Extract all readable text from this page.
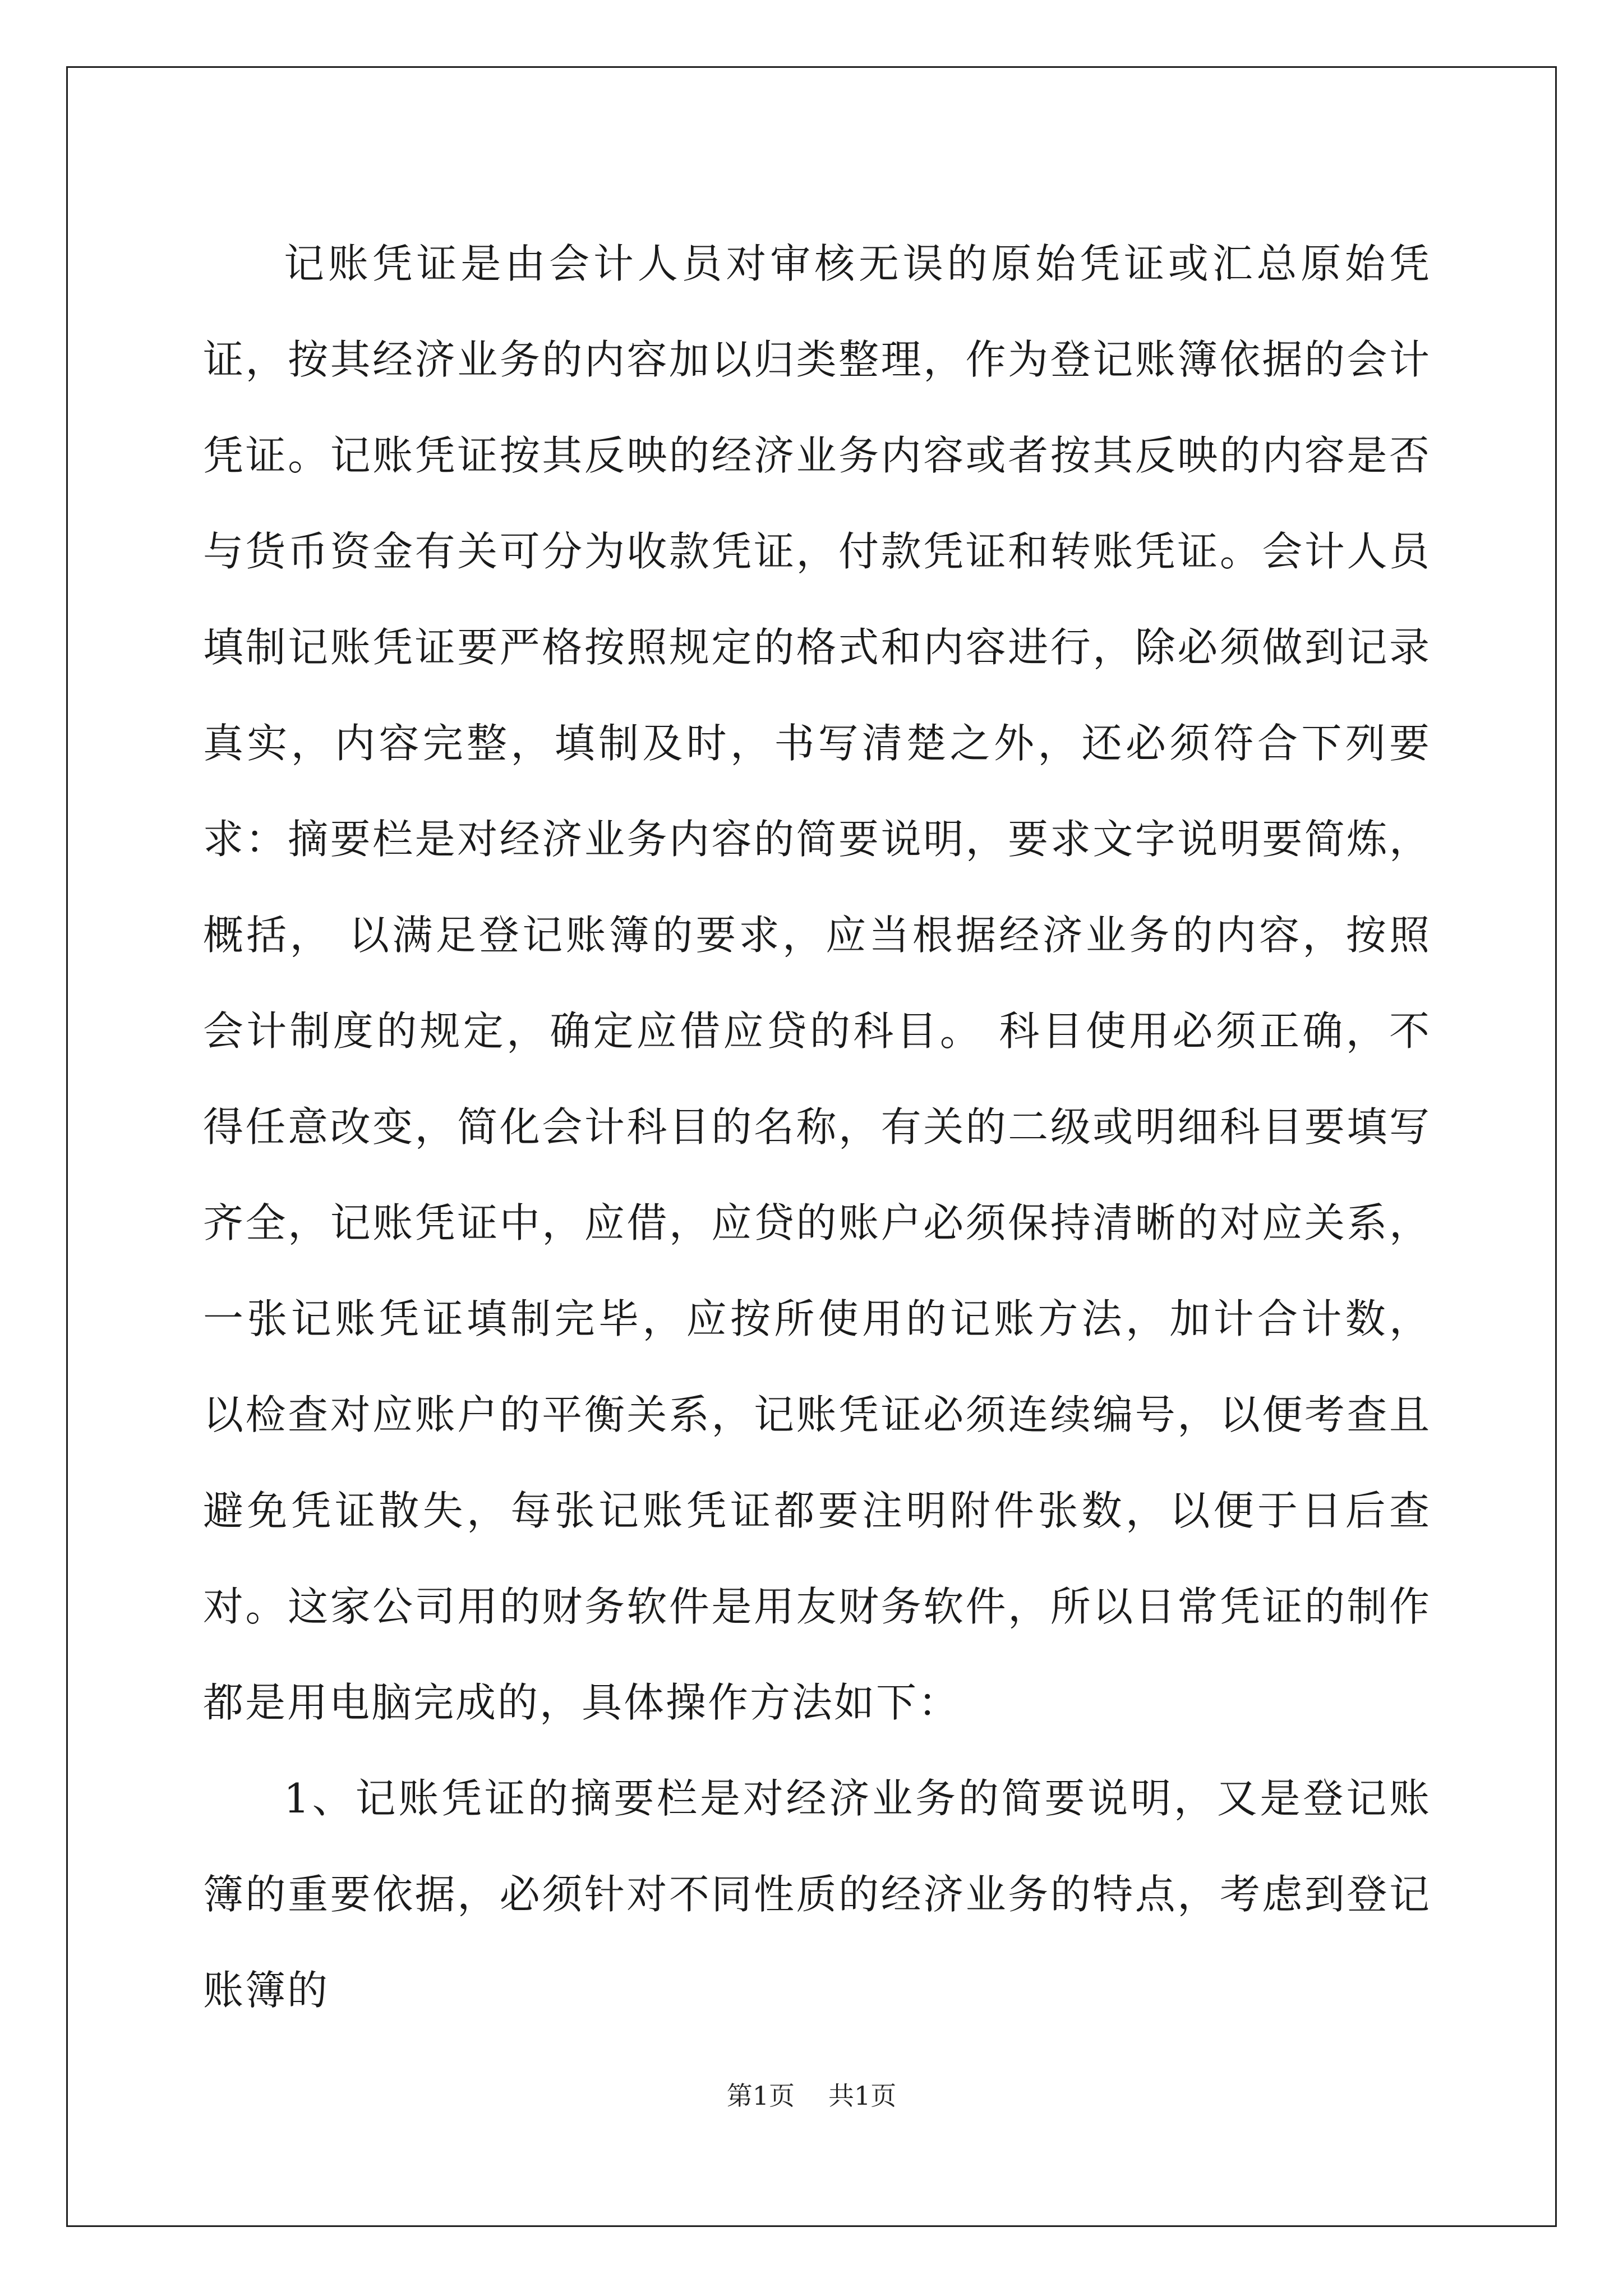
记账凭证是由会计人员对审核无误的原始凭证或汇总原始凭证，按其经济业务的内容加以归类整理，作为登记账簿依据的会计凭证。记账凭证按其反映的经济业务内容或者按其反映的内容是否与货币资金有关可分为收款凭证，付款凭证和转账凭证。会计人员填制记账凭证要严格按照规定的格式和内容进行，除必须做到记录真实，内容完整，填制及时，书写清楚之外，还必须符合下列要求：摘要栏是对经济业务内容的简要说明，要求文字说明要简炼，概括， 以满足登记账簿的要求，应当根据经济业务的内容，按照会计制度的规定，确定应借应贷的科目。 科目使用必须正确，不得任意改变，简化会计科目的名称，有关的二级或明细科目要填写齐全，记账凭证中，应借，应贷的账户必须保持清晰的对应关系，一张记账凭证填制完毕，应按所使用的记账方法，加计合计数， 以检查对应账户的平衡关系，记账凭证必须连续编号，以便考查且避免凭证散失，每张记账凭证都要注明附件张数，以便于日后查对。这家公司用的财务软件是用友财务软件，所以日常凭证的制作都是用电脑完成的，具体操作方法如下：

1、记账凭证的摘要栏是对经济业务的简要说明，又是登记账簿的重要依据，必须针对不同性质的经济业务的特点，考虑到登记账簿的

第1页 共1页
